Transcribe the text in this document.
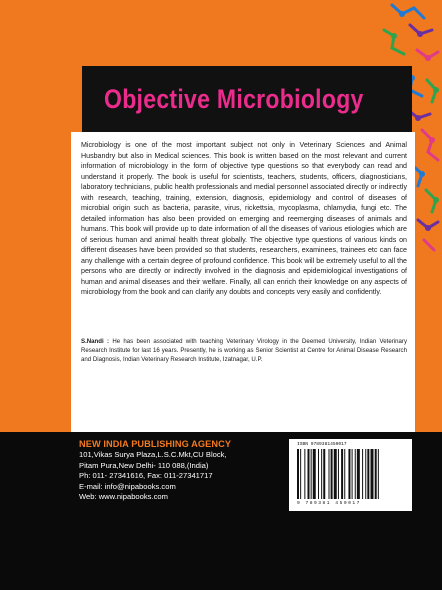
Objective Microbiology

Microbiology is one of the most important subject not only in Veterinary Sciences and Animal Husbandry but also in Medical sciences. This book is written based on the most relevant and current information of microbiology in the form of objective type questions so that everybody can read and understand it properly. The book is useful for scientists, teachers, students, officers, diagnosticians, laboratory technicians, public health professionals and medial personnel associated directly or indirectly with research, teaching, training, extension, diagnosis, epidemiology and control of diseases of microbial origin such as bacteria, parasite, virus, rickettsia, mycoplasma, chlamydia, fungi etc. The detailed information has also been provided on emerging and reemerging diseases of animals and humans. This book will provide up to date information of all the diseases of various etiologies which are of serious human and animal health threat globally. The objective type questions of various kinds on different diseases have been provided so that students, researchers, examinees, trainees etc can face any challenge with a certain degree of profound confidence. This book will be extremely useful to all the persons who are directly or indirectly involved in the diagnosis and epidemiological investigations of human and animal diseases and their welfare. Finally, all can enrich their knowledge on any aspects of microbiology from the book and can clarify any doubts and concepts very easily and confidently.

S.Nandi : He has been associated with teaching Veterinary Virology in the Deemed University, Indian Veterinary Research Institute for last 16 years. Presently, he is working as Senior Scientist at Centre for Animal Disease Research and Diagnosis, Indian Veterinary Research Institute, Izatnagar, U.P.

NEW INDIA PUBLISHING AGENCY
101,Vikas Surya Plaza,L.S.C.Mkt,CU Block,
Pitam Pura,New Delhi- 110 088,(India)
Ph: 011- 27341616, Fax: 011-27341717
E-mail: info@nipabooks.com
Web: www.nipabooks.com
ISBN 9789381450017
9 789381 450017
